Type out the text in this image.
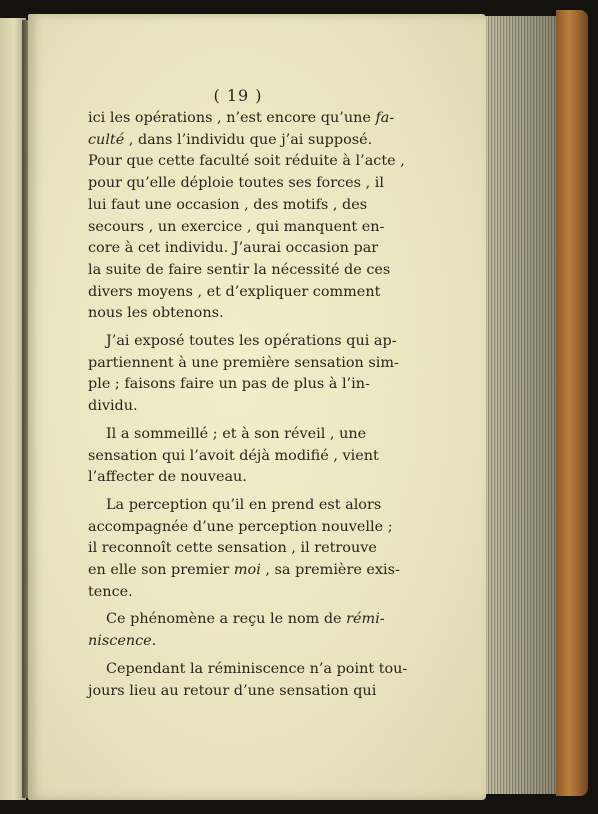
( 19 )

ici les opérations , n’est encore qu’une fa-
culté , dans l’individu que j’ai supposé.
Pour que cette faculté soit réduite à l’acte ,
pour qu’elle déploie toutes ses forces , il
lui faut une occasion , des motifs , des
secours , un exercice , qui manquent en-
core à cet individu. J’aurai occasion par
la suite de faire sentir la nécessité de ces
divers moyens , et d’expliquer comment
nous les obtenons.

J’ai exposé toutes les opérations qui ap-
partiennent à une première sensation sim-
ple ; faisons faire un pas de plus à l’in-
dividu.

Il a sommeillé ; et à son réveil , une
sensation qui l’avoit déjà modifié , vient
l’affecter de nouveau.

La perception qu’il en prend est alors
accompagnée d’une perception nouvelle ;
il reconnoît cette sensation , il retrouve
en elle son premier moi , sa première exis-
tence.

Ce phénomène a reçu le nom de rémi-
niscence.

Cependant la réminiscence n’a point tou-
jours lieu au retour d’une sensation qui
